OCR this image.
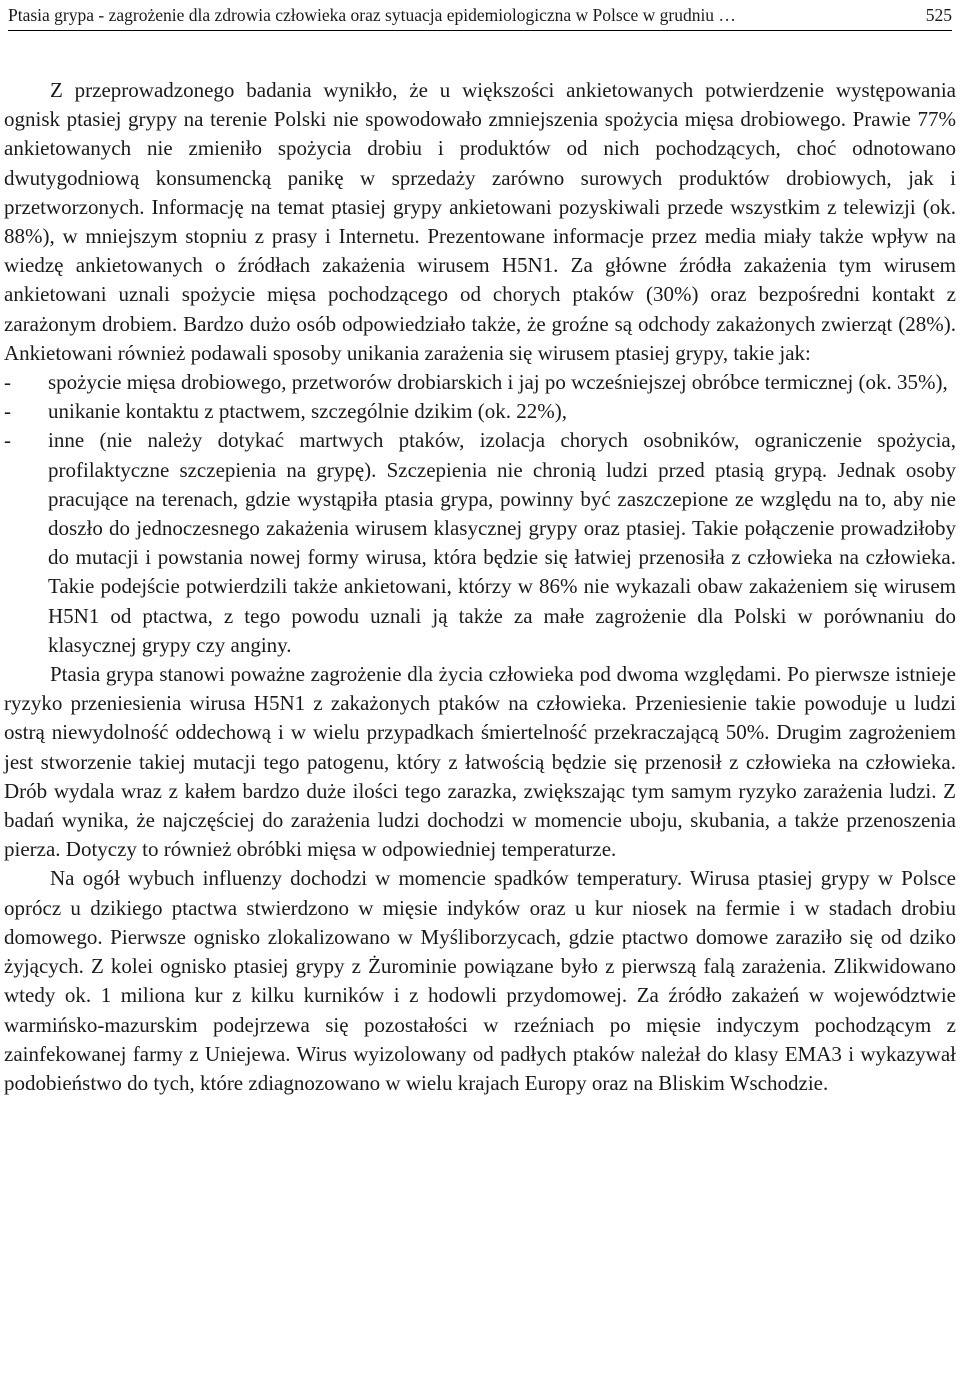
Ptasia grypa - zagrożenie dla zdrowia człowieka oraz sytuacja epidemiologiczna w Polsce w grudniu …	525

Z przeprowadzonego badania wynikło, że u większości ankietowanych potwierdzenie występowania ognisk ptasiej grypy na terenie Polski nie spowodowało zmniejszenia spożycia mięsa drobiowego. Prawie 77% ankietowanych nie zmieniło spożycia drobiu i produktów od nich pochodzących, choć odnotowano dwutygodniową konsumencką panikę w sprzedaży zarówno surowych produktów drobiowych, jak i przetworzonych. Informację na temat ptasiej grypy ankietowani pozyskiwali przede wszystkim z telewizji (ok. 88%), w mniejszym stopniu z prasy i Internetu. Prezentowane informacje przez media miały także wpływ na wiedzę ankietowanych o źródłach zakażenia wirusem H5N1. Za główne źródła zakażenia tym wirusem ankietowani uznali spożycie mięsa pochodzącego od chorych ptaków (30%) oraz bezpośredni kontakt z zarażonym drobiem. Bardzo dużo osób odpowiedziało także, że groźne są odchody zakażonych zwierząt (28%). Ankietowani również podawali sposoby unikania zarażenia się wirusem ptasiej grypy, takie jak:

-	spożycie mięsa drobiowego, przetworów drobiarskich i jaj po wcześniejszej obróbce termicznej (ok. 35%),
-	unikanie kontaktu z ptactwem, szczególnie dzikim (ok. 22%),
-	inne (nie należy dotykać martwych ptaków, izolacja chorych osobników, ograniczenie spożycia, profilaktyczne szczepienia na grypę). Szczepienia nie chronią ludzi przed ptasią grypą. Jednak osoby pracujące na terenach, gdzie wystąpiła ptasia grypa, powinny być zaszczepione ze względu na to, aby nie doszło do jednoczesnego zakażenia wirusem klasycznej grypy oraz ptasiej. Takie połączenie prowadziłoby do mutacji i powstania nowej formy wirusa, która będzie się łatwiej przenosiła z człowieka na człowieka. Takie podejście potwierdzili także ankietowani, którzy w 86% nie wykazali obaw zakażeniem się wirusem H5N1 od ptactwa, z tego powodu uznali ją także za małe zagrożenie dla Polski w porównaniu do klasycznej grypy czy anginy.

Ptasia grypa stanowi poważne zagrożenie dla życia człowieka pod dwoma względami. Po pierwsze istnieje ryzyko przeniesienia wirusa H5N1 z zakażonych ptaków na człowieka. Przeniesienie takie powoduje u ludzi ostrą niewydolność oddechową i w wielu przypadkach śmiertelność przekraczającą 50%. Drugim zagrożeniem jest stworzenie takiej mutacji tego patogenu, który z łatwością będzie się przenosił z człowieka na człowieka. Drób wydala wraz z kałem bardzo duże ilości tego zarazka, zwiększając tym samym ryzyko zarażenia ludzi. Z badań wynika, że najczęściej do zarażenia ludzi dochodzi w momencie uboju, skubania, a także przenoszenia pierza. Dotyczy to również obróbki mięsa w odpowiedniej temperaturze.

Na ogół wybuch influenzy dochodzi w momencie spadków temperatury. Wirusa ptasiej grypy w Polsce oprócz u dzikiego ptactwa stwierdzono w mięsie indyków oraz u kur niosek na fermie i w stadach drobiu domowego. Pierwsze ognisko zlokalizowano w Myśliborzycach, gdzie ptactwo domowe zaraziło się od dziko żyjących. Z kolei ognisko ptasiej grypy z Żurominie powiązane było z pierwszą falą zarażenia. Zlikwidowano wtedy ok. 1 miliona kur z kilku kurników i z hodowli przydomowej. Za źródło zakażeń w województwie warmińsko-mazurskim podejrzewa się pozostałości w rzeźniach po mięsie indyczym pochodzącym z zainfekowanej farmy z Uniejewa. Wirus wyizolowany od padłych ptaków należał do klasy EMA3 i wykazywał podobieństwo do tych, które zdiagnozowano w wielu krajach Europy oraz na Bliskim Wschodzie.
